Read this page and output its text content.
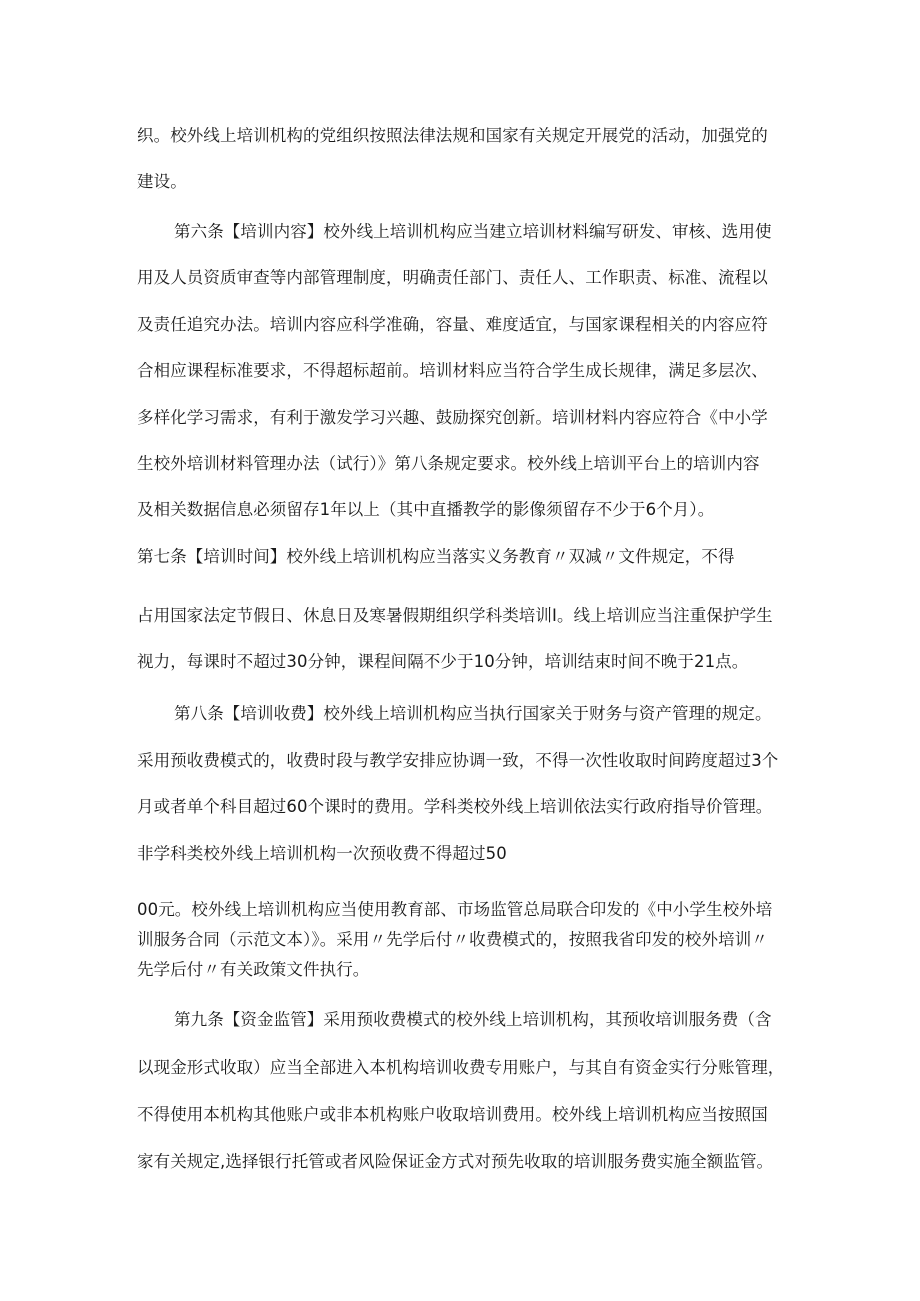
织。校外线上培训机构的党组织按照法律法规和国家有关规定开展党的活动，加强党的
建设。
第六条【培训内容】校外线上培训机构应当建立培训材料编写研发、审核、选用使
用及人员资质审查等内部管理制度，明确责任部门、责任人、工作职责、标准、流程以
及责任追究办法。培训内容应科学准确，容量、难度适宜，与国家课程相关的内容应符
合相应课程标准要求，不得超标超前。培训材料应当符合学生成长规律，满足多层次、
多样化学习需求，有利于激发学习兴趣、鼓励探究创新。培训材料内容应符合《中小学
生校外培训材料管理办法（试行）》第八条规定要求。校外线上培训平台上的培训内容
及相关数据信息必须留存1年以上（其中直播教学的影像须留存不少于6个月）。
第七条【培训时间】校外线上培训机构应当落实义务教育〃双减〃文件规定，不得
占用国家法定节假日、休息日及寒暑假期组织学科类培训I。线上培训应当注重保护学生
视力，每课时不超过30分钟，课程间隔不少于10分钟，培训结束时间不晚于21点。
第八条【培训收费】校外线上培训机构应当执行国家关于财务与资产管理的规定。
采用预收费模式的，收费时段与教学安排应协调一致，不得一次性收取时间跨度超过3个
月或者单个科目超过60个课时的费用。学科类校外线上培训依法实行政府指导价管理。
非学科类校外线上培训机构一次预收费不得超过50
00元。校外线上培训机构应当使用教育部、市场监管总局联合印发的《中小学生校外培
训服务合同（示范文本）》。采用〃先学后付〃收费模式的，按照我省印发的校外培训〃
先学后付〃有关政策文件执行。
第九条【资金监管】采用预收费模式的校外线上培训机构，其预收培训服务费（含
以现金形式收取）应当全部进入本机构培训收费专用账户，与其自有资金实行分账管理，
不得使用本机构其他账户或非本机构账户收取培训费用。校外线上培训机构应当按照国
家有关规定,选择银行托管或者风险保证金方式对预先收取的培训服务费实施全额监管。
